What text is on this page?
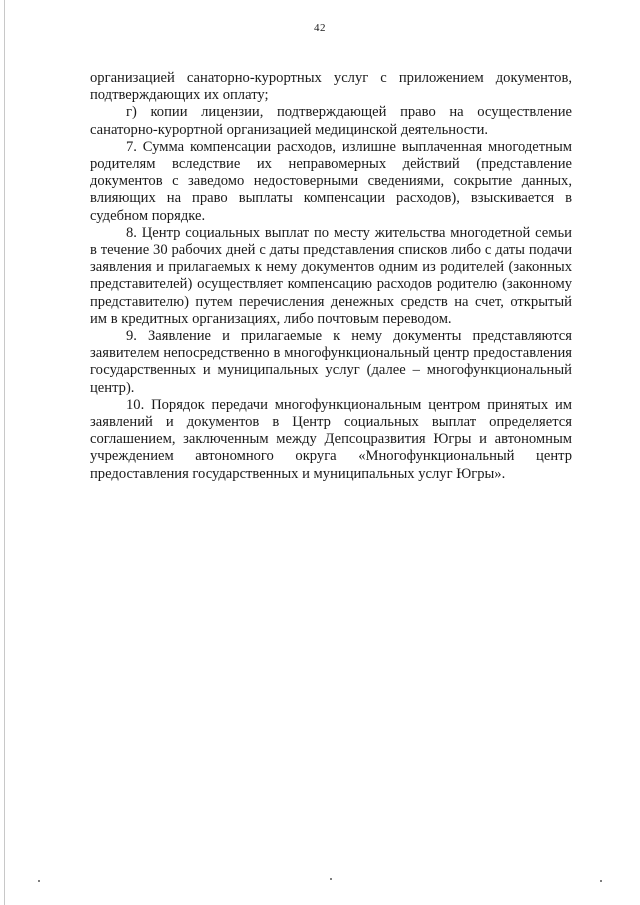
42

организацией санаторно-курортных услуг с приложением документов, подтверждающих их оплату;

г) копии лицензии, подтверждающей право на осуществление санаторно-курортной организацией медицинской деятельности.

7. Сумма компенсации расходов, излишне выплаченная многодетным родителям вследствие их неправомерных действий (представление документов с заведомо недостоверными сведениями, сокрытие данных, влияющих на право выплаты компенсации расходов), взыскивается в судебном порядке.

8. Центр социальных выплат по месту жительства многодетной семьи в течение 30 рабочих дней с даты представления списков либо с даты подачи заявления и прилагаемых к нему документов одним из родителей (законных представителей) осуществляет компенсацию расходов родителю (законному представителю) путем перечисления денежных средств на счет, открытый им в кредитных организациях, либо почтовым переводом.

9. Заявление и прилагаемые к нему документы представляются заявителем непосредственно в многофункциональный центр предоставления государственных и муниципальных услуг (далее – многофункциональный центр).

10. Порядок передачи многофункциональным центром принятых им заявлений и документов в Центр социальных выплат определяется соглашением, заключенным между Депсоцразвития Югры и автономным учреждением автономного округа «Многофункциональный центр предоставления государственных и муниципальных услуг Югры».
